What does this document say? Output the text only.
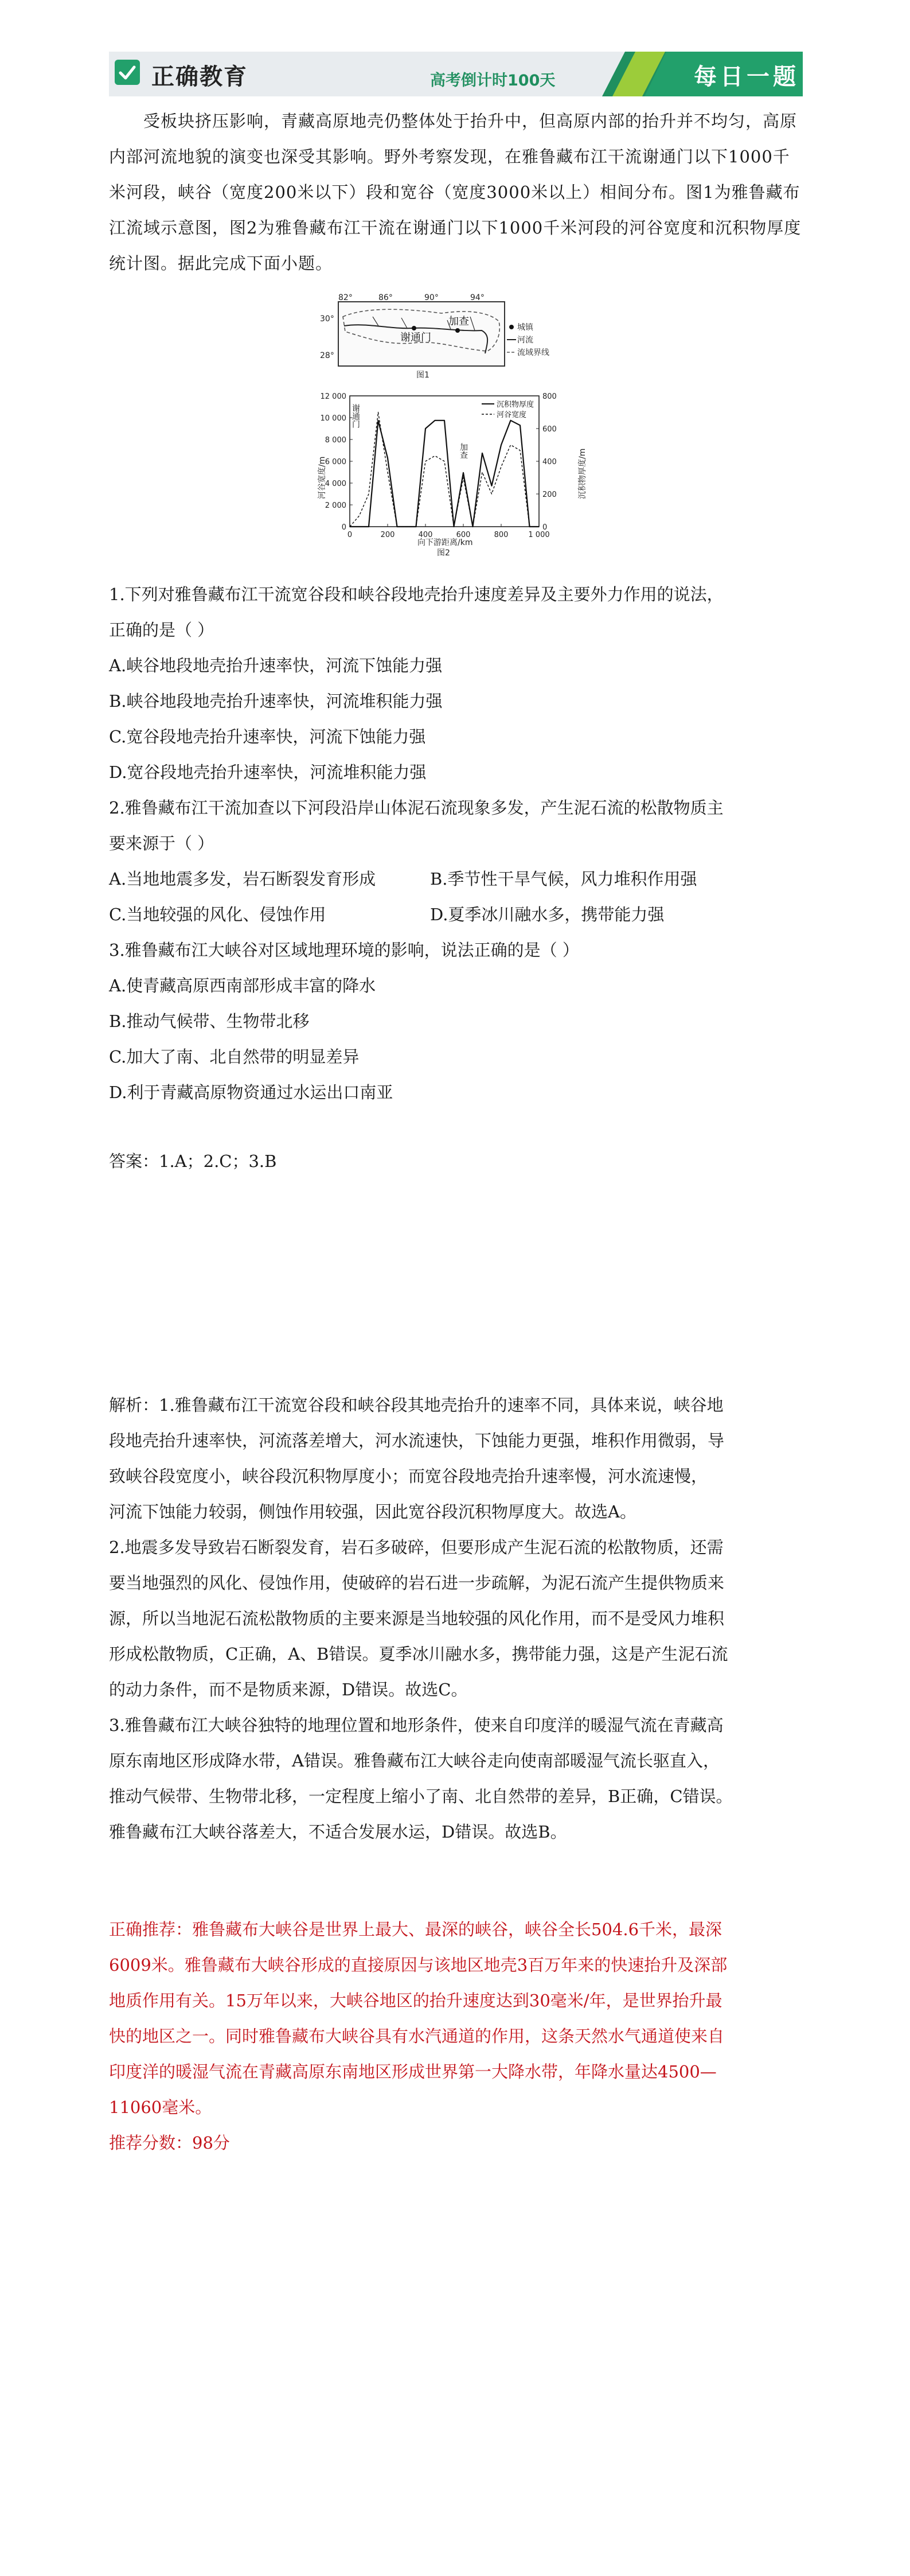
正确教育	高考倒计时100天	每日一题

受板块挤压影响，青藏高原地壳仍整体处于抬升中，但高原内部的抬升并不均匀，高原内部河流地貌的演变也深受其影响。野外考察发现，在雅鲁藏布江干流谢通门以下1000千米河段，峡谷（宽度200米以下）段和宽谷（宽度3000米以上）相间分布。图1为雅鲁藏布江流域示意图，图2为雅鲁藏布江干流在谢通门以下1000千米河段的河谷宽度和沉积物厚度统计图。据此完成下面小题。

82°	86°	90°	94°
30°
28°
谢通门
加查	城镇
河流
流域界线
图1
河谷宽度/m	沉积物厚度/m
向下游距离/km
图2
谢通门
加查
沉积物厚度
河谷宽度
12 000
10 000
8 000
6 000
4 000
2 000
0
800
600
400
200
0
0	200	400	600	800	1 000
1.下列对雅鲁藏布江干流宽谷段和峡谷段地壳抬升速度差异及主要外力作用的说法，
正确的是（ ）
A.峡谷地段地壳抬升速率快，河流下蚀能力强
B.峡谷地段地壳抬升速率快，河流堆积能力强
C.宽谷段地壳抬升速率快，河流下蚀能力强
D.宽谷段地壳抬升速率快，河流堆积能力强
2.雅鲁藏布江干流加查以下河段沿岸山体泥石流现象多发，产生泥石流的松散物质主
要来源于（ ）
A.当地地震多发，岩石断裂发育形成	B.季节性干旱气候，风力堆积作用强
C.当地较强的风化、侵蚀作用	D.夏季冰川融水多，携带能力强
3.雅鲁藏布江大峡谷对区域地理环境的影响，说法正确的是（ ）
A.使青藏高原西南部形成丰富的降水
B.推动气候带、生物带北移
C.加大了南、北自然带的明显差异
D.利于青藏高原物资通过水运出口南亚
答案：1.A；2.C；3.B
解析：1.雅鲁藏布江干流宽谷段和峡谷段其地壳抬升的速率不同，具体来说，峡谷地
段地壳抬升速率快，河流落差增大，河水流速快，下蚀能力更强，堆积作用微弱，导
致峡谷段宽度小，峡谷段沉积物厚度小；而宽谷段地壳抬升速率慢，河水流速慢，
河流下蚀能力较弱，侧蚀作用较强，因此宽谷段沉积物厚度大。故选A。
2.地震多发导致岩石断裂发育，岩石多破碎，但要形成产生泥石流的松散物质，还需
要当地强烈的风化、侵蚀作用，使破碎的岩石进一步疏解，为泥石流产生提供物质来
源，所以当地泥石流松散物质的主要来源是当地较强的风化作用，而不是受风力堆积
形成松散物质，C正确，A、B错误。夏季冰川融水多，携带能力强，这是产生泥石流
的动力条件，而不是物质来源，D错误。故选C。
3.雅鲁藏布江大峡谷独特的地理位置和地形条件，使来自印度洋的暖湿气流在青藏高
原东南地区形成降水带，A错误。雅鲁藏布江大峡谷走向使南部暖湿气流长驱直入，
推动气候带、生物带北移，一定程度上缩小了南、北自然带的差异，B正确，C错误。
雅鲁藏布江大峡谷落差大，不适合发展水运，D错误。故选B。
正确推荐：雅鲁藏布大峡谷是世界上最大、最深的峡谷，峡谷全长504.6千米，最深
6009米。雅鲁藏布大峡谷形成的直接原因与该地区地壳3百万年来的快速抬升及深部
地质作用有关。15万年以来，大峡谷地区的抬升速度达到30毫米/年，是世界抬升最
快的地区之一。同时雅鲁藏布大峡谷具有水汽通道的作用，这条天然水气通道使来自
印度洋的暖湿气流在青藏高原东南地区形成世界第一大降水带，年降水量达4500—
11060毫米。
推荐分数：98分
